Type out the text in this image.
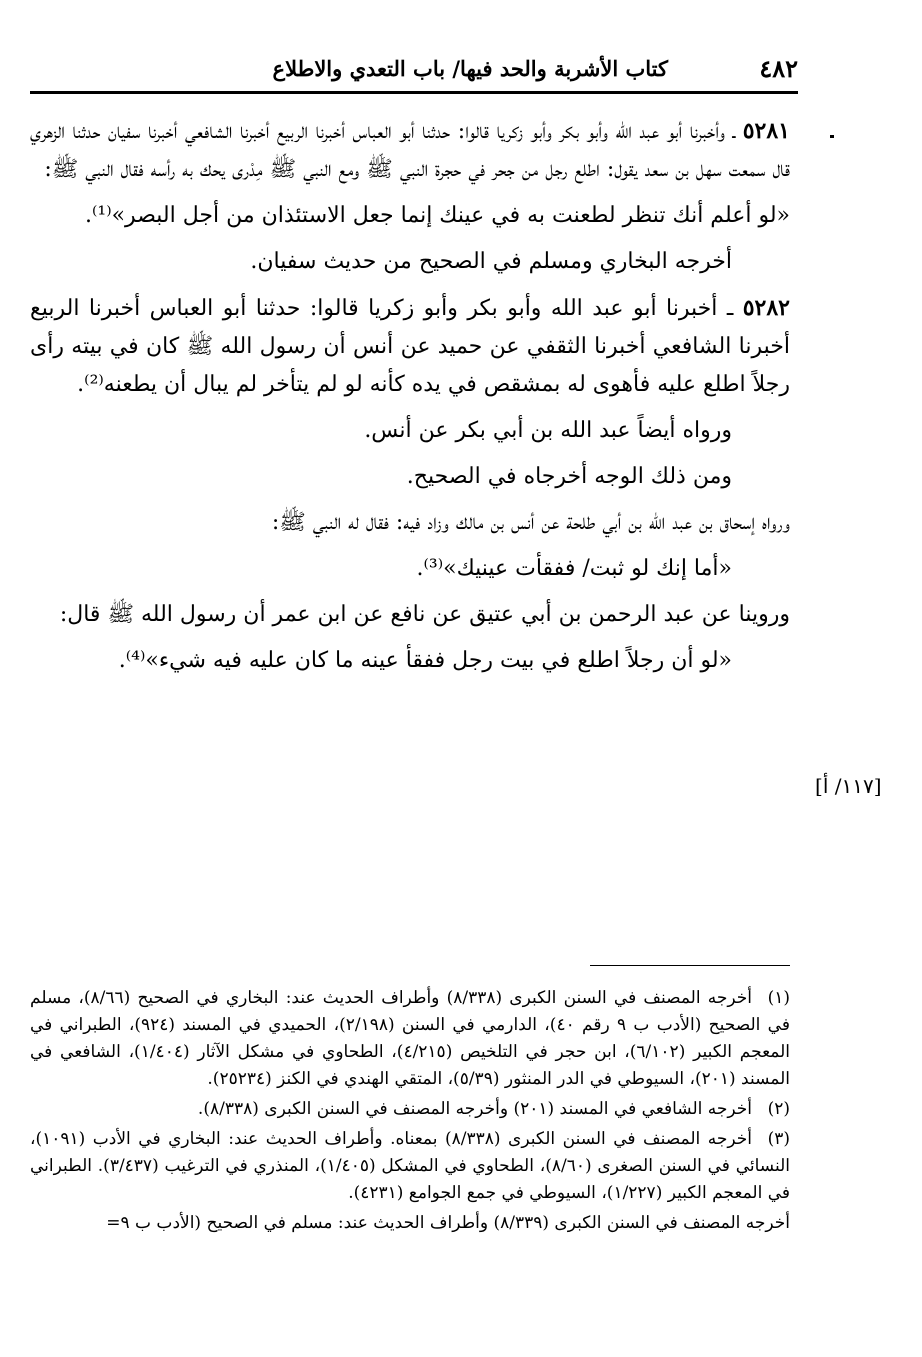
٤٨٢
كتاب الأشربة والحد فيها/ باب التعدي والاطلاع

٥٢٨١ ـ وأخبرنا أبو عبد الله وأبو بكر وأبو زكريا قالوا: حدثنا أبو العباس أخبرنا الربيع أخبرنا الشافعي أخبرنا سفيان حدثنا الزهري قال سمعت سهل بن سعد يقول: اطلع رجل من جحر في حجرة النبي ﷺ ومع النبي ﷺ مِدْرى يحك به رأسه فقال النبي ﷺ:

«لو أعلم أنك تنظر لطعنت به في عينك إنما جعل الاستئذان من أجل البصر»⁽¹⁾.

أخرجه البخاري ومسلم في الصحيح من حديث سفيان.

٥٢٨٢ ـ أخبرنا أبو عبد الله وأبو بكر وأبو زكريا قالوا: حدثنا أبو العباس أخبرنا الربيع أخبرنا الشافعي أخبرنا الثقفي عن حميد عن أنس أن رسول الله ﷺ كان في بيته رأى رجلاً اطلع عليه فأهوى له بمشقص في يده كأنه لو لم يتأخر لم يبال أن يطعنه⁽²⁾.

ورواه أيضاً عبد الله بن أبي بكر عن أنس.

ومن ذلك الوجه أخرجاه في الصحيح.

ورواه إسحاق بن عبد الله بن أبي طلحة عن أنس بن مالك وزاد فيه: فقال له النبي ﷺ:

«أما إنك لو ثبت/ ففقأت عينيك»⁽³⁾.

وروينا عن عبد الرحمن بن أبي عتيق عن نافع عن ابن عمر أن رسول الله ﷺ قال:

«لو أن رجلاً اطلع في بيت رجل ففقأ عينه ما كان عليه فيه شيء»⁽⁴⁾.

[١١٧/ أ]

(١)أخرجه المصنف في السنن الكبرى (٨/٣٣٨) وأطراف الحديث عند: البخاري في الصحيح (٨/٦٦)، مسلم في الصحيح (الأدب ب ٩ رقم ٤٠)، الدارمي في السنن (٢/١٩٨)، الحميدي في المسند (٩٢٤)، الطبراني في المعجم الكبير (٦/١٠٢)، ابن حجر في التلخيص (٤/٢١٥)، الطحاوي في مشكل الآثار (١/٤٠٤)، الشافعي في المسند (٢٠١)، السيوطي في الدر المنثور (٥/٣٩)، المتقي الهندي في الكنز (٢٥٢٣٤).

(٢)أخرجه الشافعي في المسند (٢٠١) وأخرجه المصنف في السنن الكبرى (٨/٣٣٨).

(٣)أخرجه المصنف في السنن الكبرى (٨/٣٣٨) بمعناه. وأطراف الحديث عند: البخاري في الأدب (١٠٩١)، النسائي في السنن الصغرى (٨/٦٠)، الطحاوي في المشكل (١/٤٠٥)، المنذري في الترغيب (٣/٤٣٧). الطبراني في المعجم الكبير (١/٢٢٧)، السيوطي في جمع الجوامع (٤٢٣١).

أخرجه المصنف في السنن الكبرى (٨/٣٣٩) وأطراف الحديث عند: مسلم في الصحيح (الأدب ب ٩=
